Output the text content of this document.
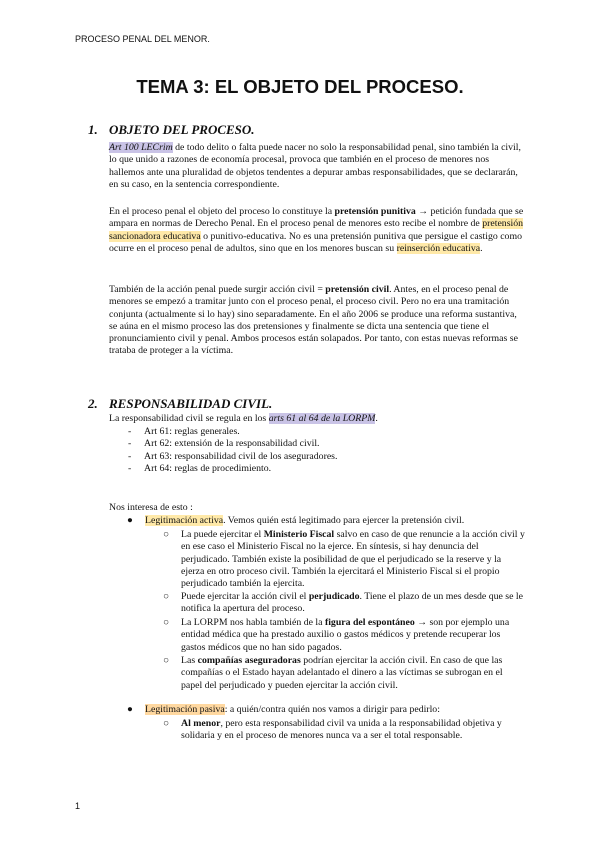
PROCESO PENAL DEL MENOR.
TEMA 3: EL OBJETO DEL PROCESO.
1. OBJETO DEL PROCESO.
Art 100 LECrim de todo delito o falta puede nacer no solo la responsabilidad penal, sino también la civil, lo que unido a razones de economía procesal, provoca que también en el proceso de menores nos hallemos ante una pluralidad de objetos tendentes a depurar ambas responsabilidades, que se declararán, en su caso, en la sentencia correspondiente.
En el proceso penal el objeto del proceso lo constituye la pretensión punitiva → petición fundada que se ampara en normas de Derecho Penal. En el proceso penal de menores esto recibe el nombre de pretensión sancionadora educativa o punitivo-educativa. No es una pretensión punitiva que persigue el castigo como ocurre en el proceso penal de adultos, sino que en los menores buscan su reinserción educativa.
También de la acción penal puede surgir acción civil = pretensión civil. Antes, en el proceso penal de menores se empezó a tramitar junto con el proceso penal, el proceso civil. Pero no era una tramitación conjunta (actualmente si lo hay) sino separadamente. En el año 2006 se produce una reforma sustantiva, se aúna en el mismo proceso las dos pretensiones y finalmente se dicta una sentencia que tiene el pronunciamiento civil y penal. Ambos procesos están solapados. Por tanto, con estas nuevas reformas se trataba de proteger a la víctima.
2. RESPONSABILIDAD CIVIL.
La responsabilidad civil se regula en los arts 61 al 64 de la LORPM.
- Art 61: reglas generales.
- Art 62: extensión de la responsabilidad civil.
- Art 63: responsabilidad civil de los aseguradores.
- Art 64: reglas de procedimiento.
Nos interesa de esto :
● Legitimación activa. Vemos quién está legitimado para ejercer la pretensión civil.
○ La puede ejercitar el Ministerio Fiscal salvo en caso de que renuncie a la acción civil y en ese caso el Ministerio Fiscal no la ejerce. En síntesis, si hay denuncia del perjudicado. También existe la posibilidad de que el perjudicado se la reserve y la ejerza en otro proceso civil. También la ejercitará el Ministerio Fiscal si el propio perjudicado también la ejercita.
○ Puede ejercitar la acción civil el perjudicado. Tiene el plazo de un mes desde que se le notifica la apertura del proceso.
○ La LORPM nos habla también de la figura del espontáneo → son por ejemplo una entidad médica que ha prestado auxilio o gastos médicos y pretende recuperar los gastos médicos que no han sido pagados.
○ Las compañías aseguradoras podrían ejercitar la acción civil. En caso de que las compañías o el Estado hayan adelantado el dinero a las víctimas se subrogan en el papel del perjudicado y pueden ejercitar la acción civil.
● Legitimación pasiva: a quién/contra quién nos vamos a dirigir para pedirlo:
○ Al menor, pero esta responsabilidad civil va unida a la responsabilidad objetiva y solidaria y en el proceso de menores nunca va a ser el total responsable.
1
